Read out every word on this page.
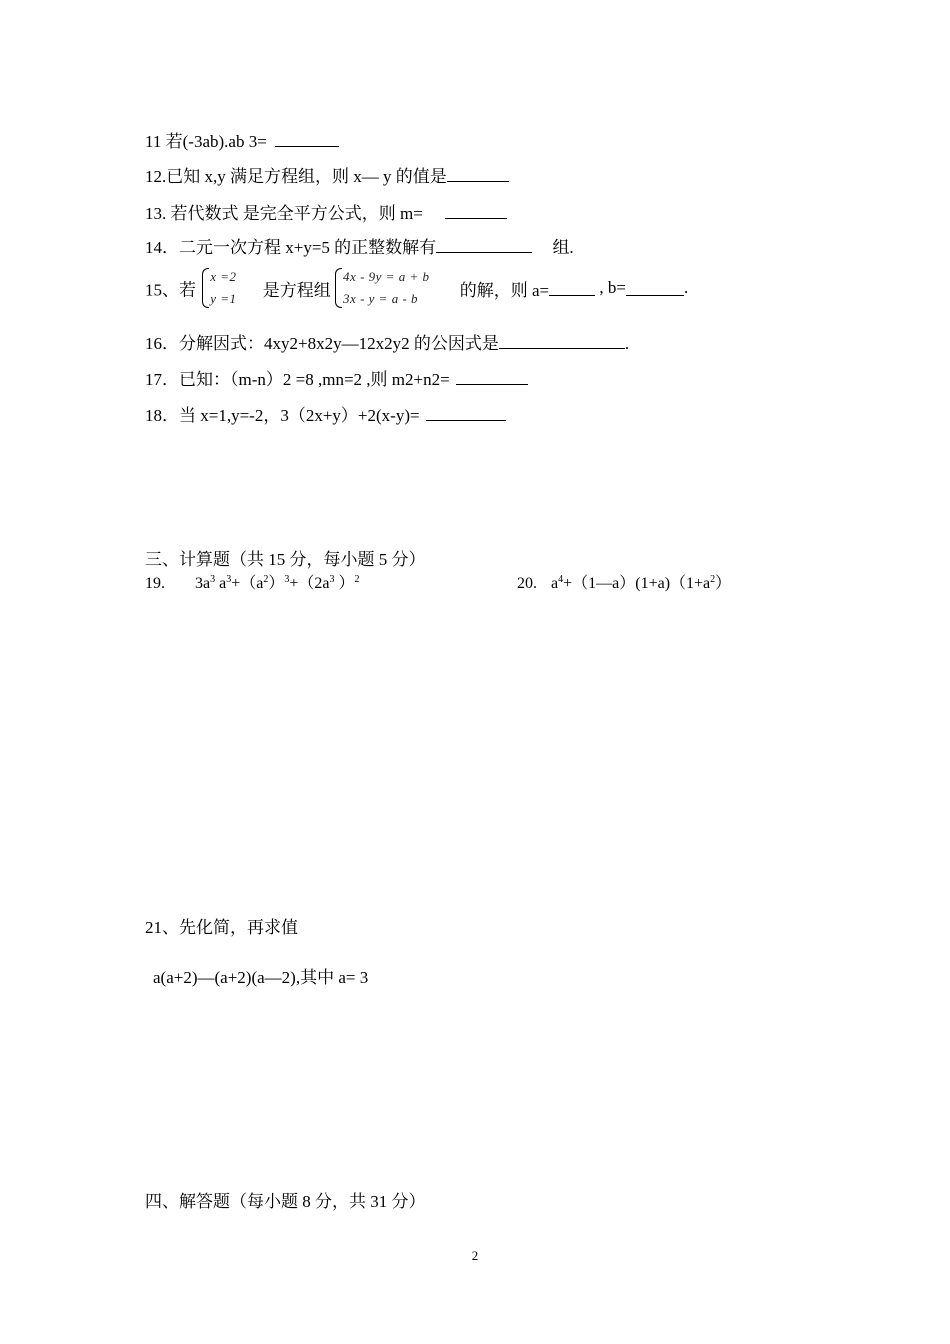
11 若(-3ab).ab 3=
12.已知 x,y 满足方程组，则 x— y 的值是
13. 若代数式 是完全平方公式，则 m=
14．二元一次方程 x+y=5 的正整数解有	组.
15、若
x =2
y =1 是方程组
4x - 9y = a + b
3x - y = a - b	的解，则 a=	, b=	.
16．分解因式：4xy2+8x2y—12x2y2 的公因式是	.
17．已知：（m-n）2 =8 ,mn=2 ,则 m2+n2=
18．当 x=1,y=-2，3（2x+y）+2(x-y)=
三、计算题（共 15 分，每小题 5 分）
19. $3a^3$ $a^3+(a^2)^3+(2a^3$ ）$^2$	20. $a^4+(1—a)(1+a)(1+a^2)$
21、先化简，再求值
a(a+2)—(a+2)(a—2),其中 a= 3
四、解答题（每小题 8 分，共 31 分）
2
